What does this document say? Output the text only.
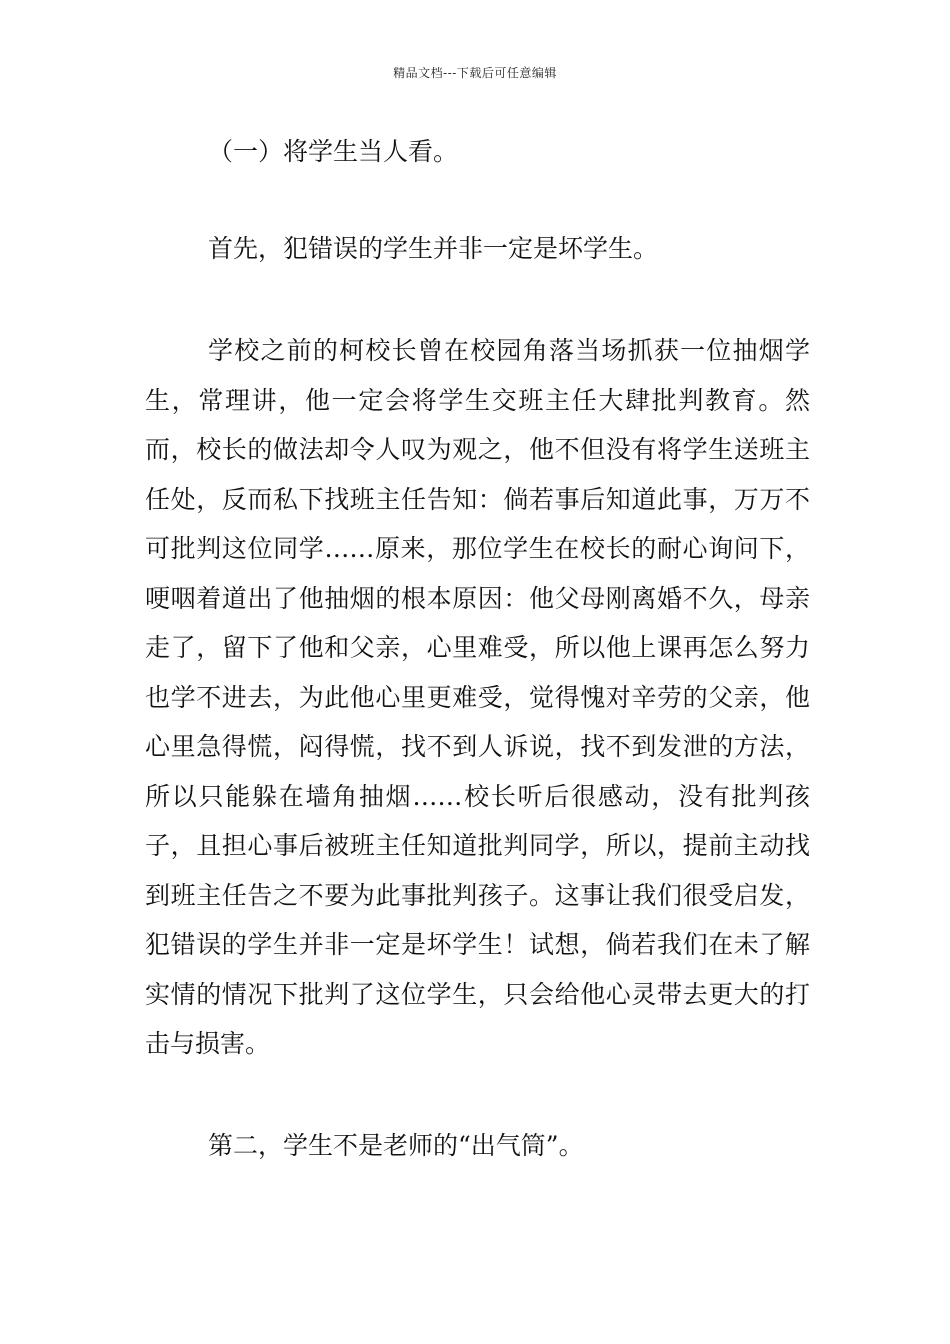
精品文档---下载后可任意编辑

（一）将学生当人看。

首先，犯错误的学生并非一定是坏学生。

学校之前的柯校长曾在校园角落当场抓获一位抽烟学生，常理讲，他一定会将学生交班主任大肆批判教育。然而，校长的做法却令人叹为观之，他不但没有将学生送班主任处，反而私下找班主任告知：倘若事后知道此事，万万不可批判这位同学……原来，那位学生在校长的耐心询问下，哽咽着道出了他抽烟的根本原因：他父母刚离婚不久，母亲走了，留下了他和父亲，心里难受，所以他上课再怎么努力也学不进去，为此他心里更难受，觉得愧对辛劳的父亲，他心里急得慌，闷得慌，找不到人诉说，找不到发泄的方法，所以只能躲在墙角抽烟……校长听后很感动，没有批判孩子，且担心事后被班主任知道批判同学，所以，提前主动找到班主任告之不要为此事批判孩子。这事让我们很受启发，犯错误的学生并非一定是坏学生！试想，倘若我们在未了解实情的情况下批判了这位学生，只会给他心灵带去更大的打击与损害。

第二，学生不是老师的“出气筒”。
